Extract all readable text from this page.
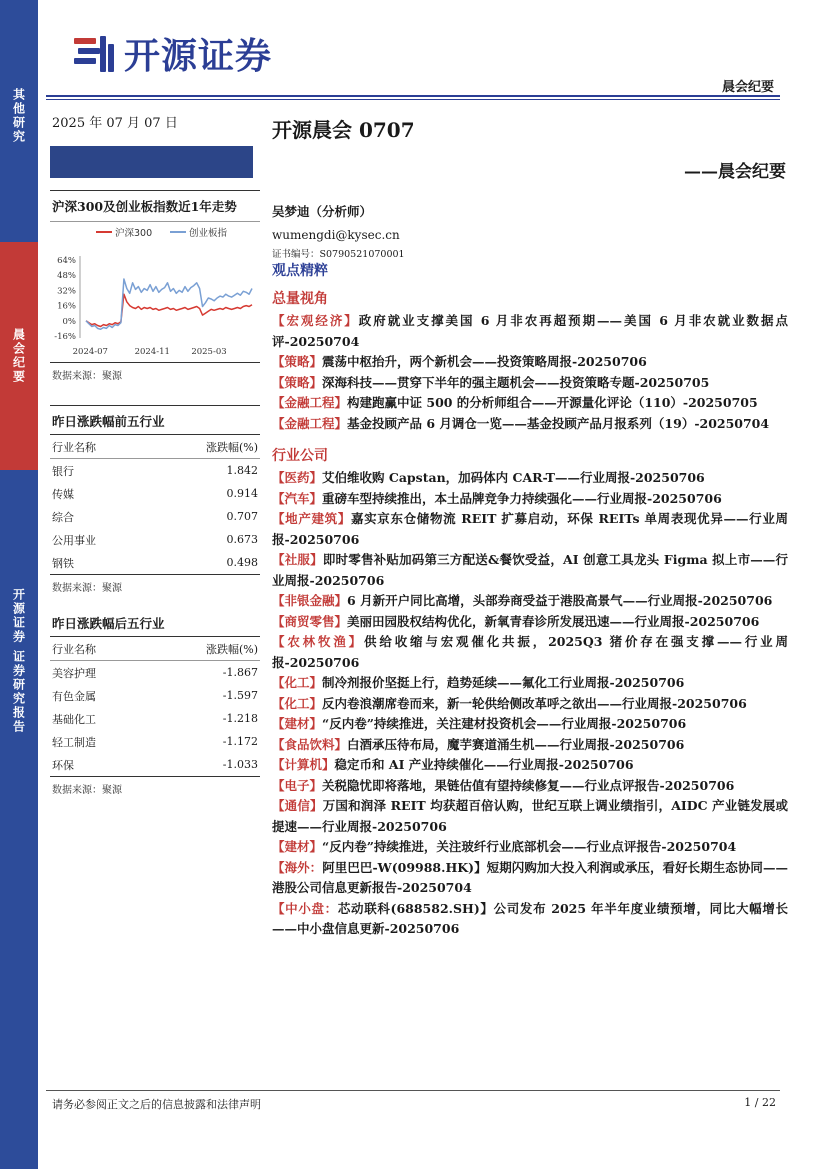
开源证券
晨会纪要
其他研究
晨会纪要
开源证券 证券研究报告
2025 年 07 月 07 日
沪深300及创业板指数近1年走势
沪深300	创业板指
64%
48%
32%
16%
0%
-16%
2024-07	2024-11	2025-03
数据来源：聚源
昨日涨跌幅前五行业
行业名称	涨跌幅(%)
银行	1.842
传媒	0.914
综合	0.707
公用事业	0.673
钢铁	0.498
数据来源：聚源
昨日涨跌幅后五行业
行业名称	涨跌幅(%)
美容护理	-1.867
有色金属	-1.597
基础化工	-1.218
轻工制造	-1.172
环保	-1.033
数据来源：聚源
开源晨会 0707
——晨会纪要
吴梦迪（分析师）
wumengdi@kysec.cn
证书编号：S0790521070001
观点精粹
总量视角
【宏观经济】政府就业支撑美国 6 月非农再超预期——美国 6 月非农就业数据点评-20250704
【策略】震荡中枢抬升，两个新机会——投资策略周报-20250706
【策略】深海科技——贯穿下半年的强主题机会——投资策略专题-20250705
【金融工程】构建跑赢中证 500 的分析师组合——开源量化评论（110）-20250705
【金融工程】基金投顾产品 6 月调仓一览——基金投顾产品月报系列（19）-20250704
行业公司
【医药】艾伯维收购 Capstan，加码体内 CAR-T——行业周报-20250706
【汽车】重磅车型持续推出，本土品牌竞争力持续强化——行业周报-20250706
【地产建筑】嘉实京东仓储物流 REIT 扩募启动，环保 REITs 单周表现优异——行业周报-20250706
【社服】即时零售补贴加码第三方配送&餐饮受益，AI 创意工具龙头 Figma 拟上市——行业周报-20250706
【非银金融】6 月新开户同比高增，头部券商受益于港股高景气——行业周报-20250706
【商贸零售】美丽田园股权结构优化，新氧青春诊所发展迅速——行业周报-20250706
【农林牧渔】供给收缩与宏观催化共振，2025Q3 猪价存在强支撑——行业周报-20250706
【化工】制冷剂报价坚挺上行，趋势延续——氟化工行业周报-20250706
【化工】反内卷浪潮席卷而来，新一轮供给侧改革呼之欲出——行业周报-20250706
【建材】“反内卷”持续推进，关注建材投资机会——行业周报-20250706
【食品饮料】白酒承压待布局，魔芋赛道涌生机——行业周报-20250706
【计算机】稳定币和 AI 产业持续催化——行业周报-20250706
【电子】关税隐忧即将落地，果链估值有望持续修复——行业点评报告-20250706
【通信】万国和润泽 REIT 均获超百倍认购，世纪互联上调业绩指引，AIDC 产业链发展或提速——行业周报-20250706
【建材】“反内卷”持续推进，关注玻纤行业底部机会——行业点评报告-20250704
【海外：阿里巴巴-W(09988.HK)】短期闪购加大投入利润或承压，看好长期生态协同——港股公司信息更新报告-20250704
【中小盘：芯动联科(688582.SH)】公司发布 2025 年半年度业绩预增，同比大幅增长——中小盘信息更新-20250706
请务必参阅正文之后的信息披露和法律声明	1 / 22
